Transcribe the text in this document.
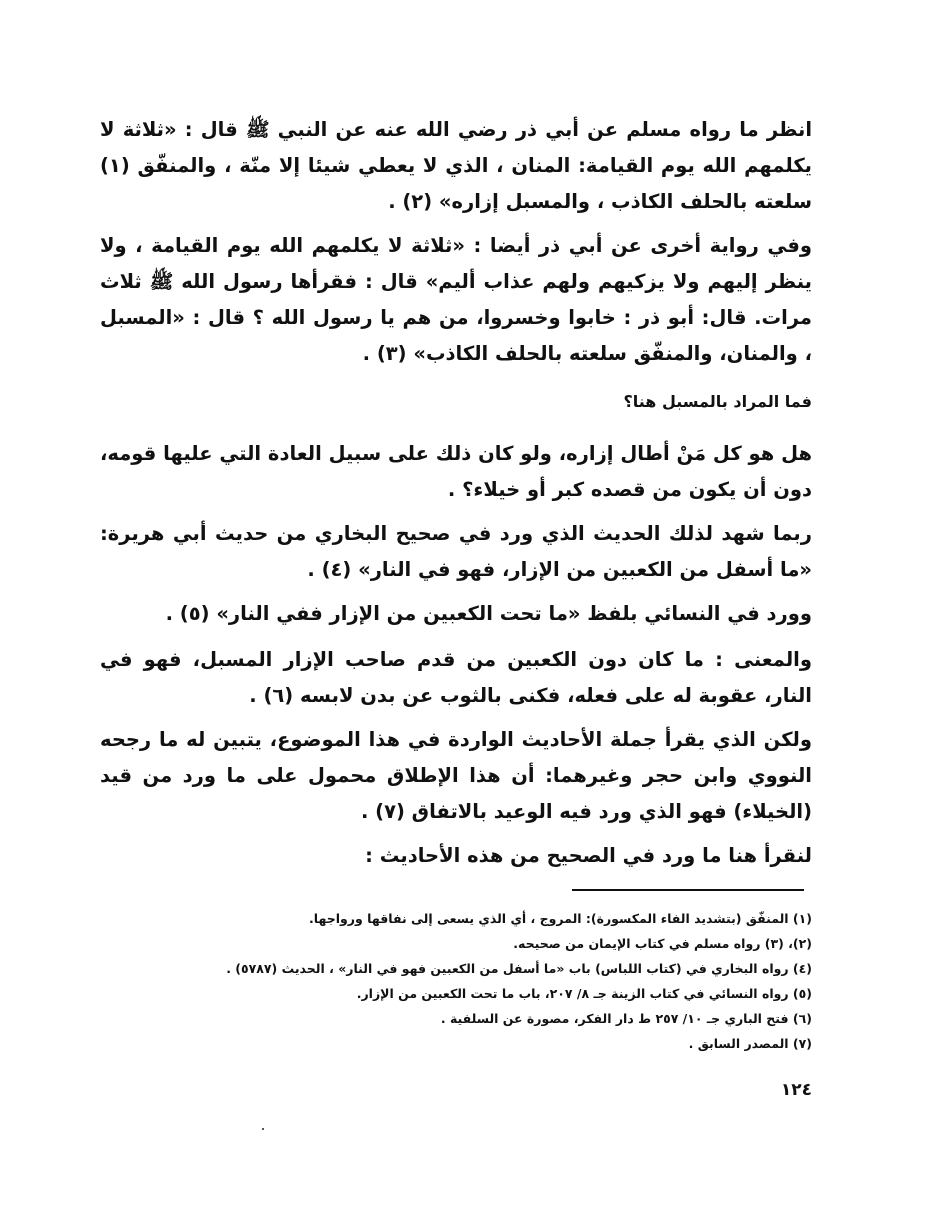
انظر ما رواه مسلم عن أبي ذر رضي الله عنه عن النبي ﷺ قال : «ثلاثة لا يكلمهم الله يوم القيامة: المنان ، الذي لا يعطي شيئا إلا منّة ، والمنفّق (١) سلعته بالحلف الكاذب ، والمسبل إزاره» (٢) .

وفي رواية أخرى عن أبي ذر أيضا : «ثلاثة لا يكلمهم الله يوم القيامة ، ولا ينظر إليهم ولا يزكيهم ولهم عذاب أليم» قال : فقرأها رسول الله ﷺ ثلاث مرات. قال: أبو ذر : خابوا وخسروا، من هم يا رسول الله ؟ قال : «المسبل ، والمنان، والمنفّق سلعته بالحلف الكاذب» (٣) .

فما المراد بالمسبل هنا؟

هل هو كل مَنْ أطال إزاره، ولو كان ذلك على سبيل العادة التي عليها قومه، دون أن يكون من قصده كبر أو خيلاء؟ .

ربما شهد لذلك الحديث الذي ورد في صحيح البخاري من حديث أبي هريرة: «ما أسفل من الكعبين من الإزار، فهو في النار» (٤) .

وورد في النسائي بلفظ «ما تحت الكعبين من الإزار ففي النار» (٥) .

والمعنى : ما كان دون الكعبين من قدم صاحب الإزار المسبل، فهو في النار، عقوبة له على فعله، فكنى بالثوب عن بدن لابسه (٦) .

ولكن الذي يقرأ جملة الأحاديث الواردة في هذا الموضوع، يتبين له ما رجحه النووي وابن حجر وغيرهما: أن هذا الإطلاق محمول على ما ورد من قيد (الخيلاء) فهو الذي ورد فيه الوعيد بالاتفاق (٧) .

لنقرأ هنا ما ورد في الصحيح من هذه الأحاديث :

(١) المنفّق (بتشديد الفاء المكسورة): المروج ، أي الذي يسعى إلى نفاقها ورواجها.

(٢)، (٣) رواه مسلم في كتاب الإيمان من صحيحه.

(٤) رواه البخاري في (كتاب اللباس) باب «ما أسفل من الكعبين فهو في النار» ، الحديث (٥٧٨٧) .

(٥) رواه النسائي في كتاب الزينة جـ ٨/ ٢٠٧، باب ما تحت الكعبين من الإزار.

(٦) فتح الباري جـ ١٠/ ٢٥٧ ط دار الفكر، مصورة عن السلفية .

(٧) المصدر السابق .

١٢٤
